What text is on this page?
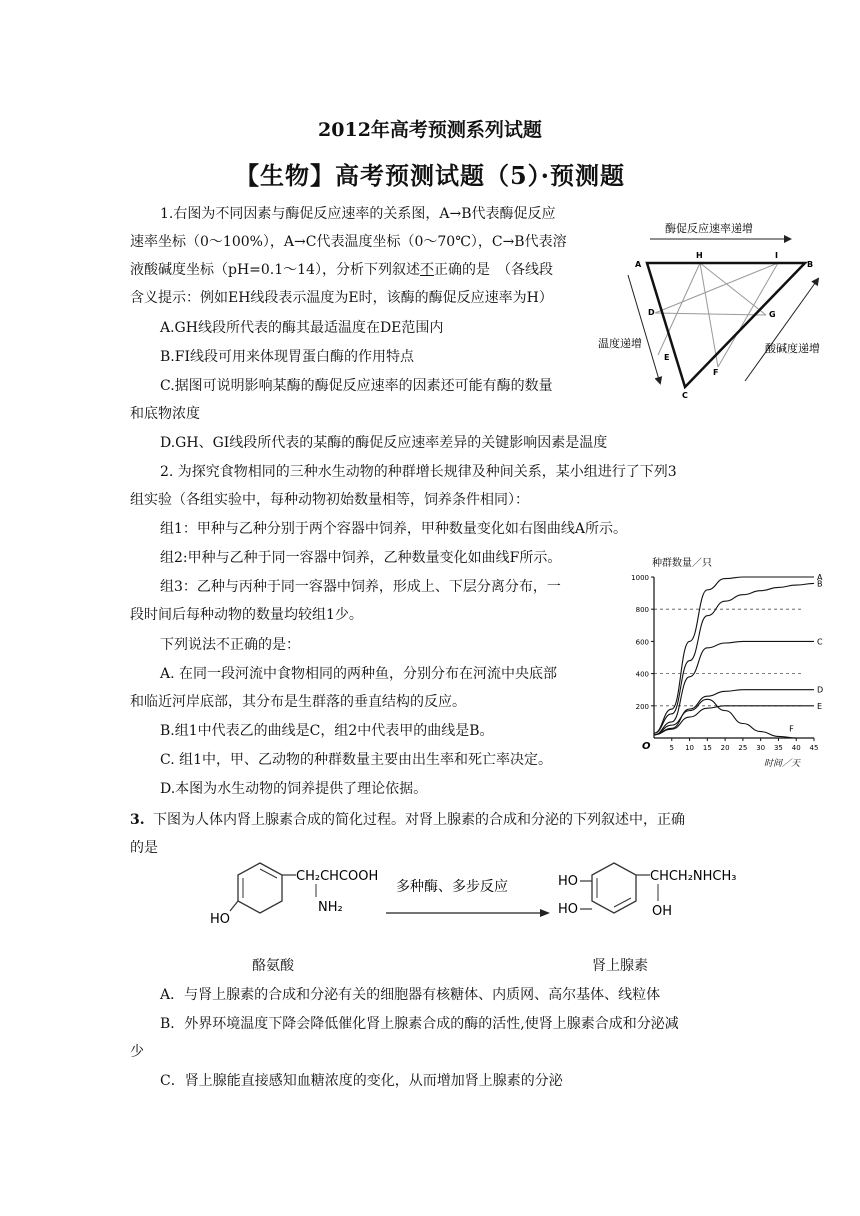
2012年高考预测系列试题
【生物】高考预测试题（5）·预测题
1.右图为不同因素与酶促反应速率的关系图，A→B代表酶促反应
速率坐标（0～100%），A→C代表温度坐标（0～70℃），C→B代表溶
液酸碱度坐标（pH=0.1～14），分析下列叙述不正确的是　（各线段
含义提示：例如EH线段表示温度为E时，该酶的酶促反应速率为H）
A.GH线段所代表的酶其最适温度在DE范围内
B.FI线段可用来体现胃蛋白酶的作用特点
C.据图可说明影响某酶的酶促反应速率的因素还可能有酶的数量
和底物浓度
D.GH、GI线段所代表的某酶的酶促反应速率差异的关键影响因素是温度
酶促反应速率递增
温度递增	酸碱度递增
A	B
C
D
E
F
G
H	I
2. 为探究食物相同的三种水生动物的种群增长规律及种间关系，某小组进行了下列3
组实验（各组实验中，每种动物初始数量相等，饲养条件相同）：
组1：甲种与乙种分别于两个容器中饲养，甲种数量变化如右图曲线A所示。
组2:甲种与乙种于同一容器中饲养，乙种数量变化如曲线F所示。
组3：乙种与丙种于同一容器中饲养，形成上、下层分离分布，一
段时间后每种动物的数量均较组1少。
下列说法不正确的是：
A. 在同一段河流中食物相同的两种鱼，分别分布在河流中央底部
和临近河岸底部，其分布是生群落的垂直结构的反应。
B.组1中代表乙的曲线是C，组2中代表甲的曲线是B。
C. 组1中，甲、乙动物的种群数量主要由出生率和死亡率决定。
D.本图为水生动物的饲养提供了理论依据。
种群数量／只
时间／天
O
200
400
600
800
1000
5 10 15 20 25 30 35 40 45
A
B
C
D
E
F
3. 下图为人体内肾上腺素合成的简化过程。对肾上腺素的合成和分泌的下列叙述中，正确
的是
CH₂CHCOOH
NH₂
HO
多种酶、多步反应	HO
HO
CHCH₂NHCH₃
OH
酪氨酸	肾上腺素
A．与肾上腺素的合成和分泌有关的细胞器有核糖体、内质网、高尔基体、线粒体
B．外界环境温度下降会降低催化肾上腺素合成的酶的活性,使肾上腺素合成和分泌减
少
C．肾上腺能直接感知血糖浓度的变化，从而增加肾上腺素的分泌
